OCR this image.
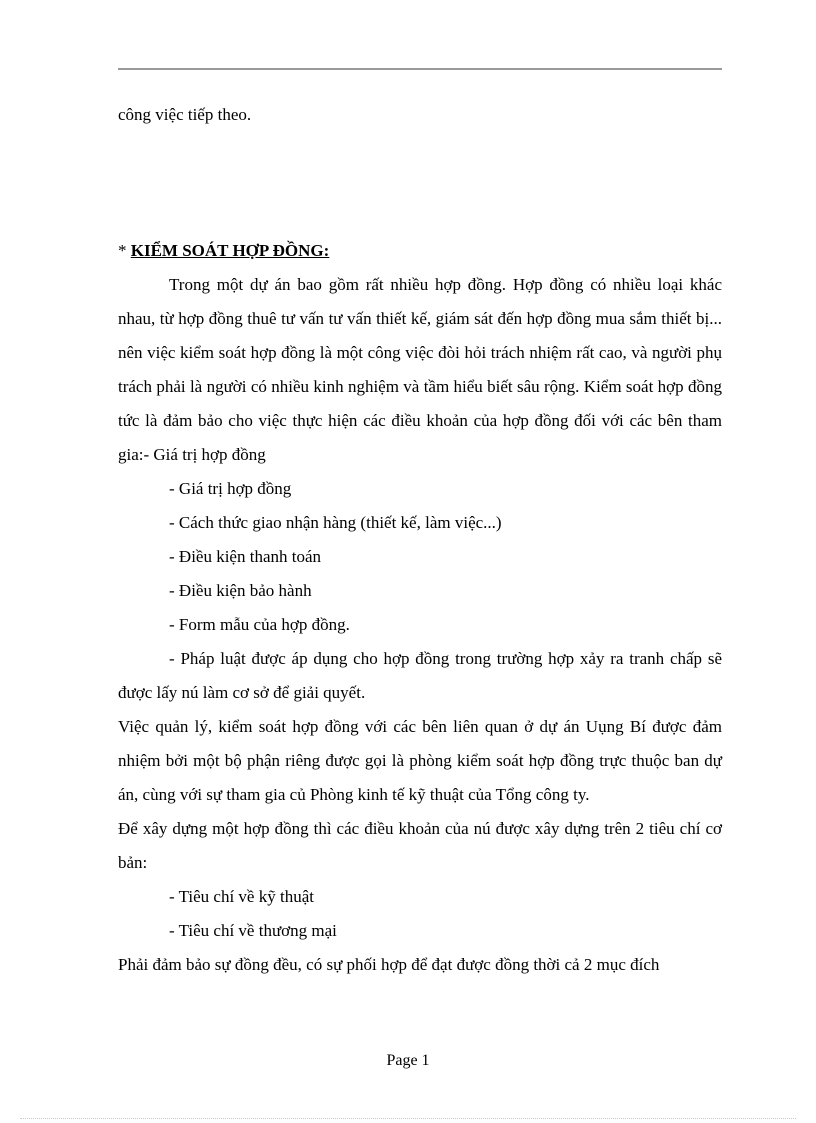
công việc tiếp theo.

* KIỂM SOÁT HỢP ĐỒNG:

Trong một dự án bao gồm rất nhiều hợp đồng. Hợp đồng có nhiều loại khác nhau, từ hợp đồng thuê tư vấn tư vấn thiết kế, giám sát đến hợp đồng mua sắm thiết bị... nên việc kiểm soát hợp đồng là một công việc đòi hỏi trách nhiệm rất cao, và người phụ trách phải là người có nhiều kinh nghiệm và tầm hiểu biết sâu rộng. Kiểm soát hợp đồng tức là đảm bảo cho việc thực hiện các điều khoản của hợp đồng đối với các bên tham gia:- Giá trị hợp đồng

- Giá trị hợp đồng

- Cách thức giao nhận hàng (thiết kế, làm việc...)

- Điều kiện thanh toán

- Điều kiện bảo hành

- Form mẫu của hợp đồng.

- Pháp luật được áp dụng cho hợp đồng trong trường hợp xảy ra tranh chấp sẽ được lấy nú làm cơ sở để giải quyết.

Việc quản lý, kiểm soát hợp đồng với các bên liên quan ở dự án Uụng Bí được đảm nhiệm bởi một bộ phận riêng được gọi là phòng kiểm soát hợp đồng trực thuộc ban dự án, cùng với sự tham gia củ Phòng kinh tế kỹ thuật của Tổng công ty.

Để xây dựng một hợp đồng thì các điều khoản của nú được xây dựng trên 2 tiêu chí cơ bản:

- Tiêu chí về kỹ thuật

- Tiêu chí về thương mại

Phải đảm bảo sự đồng đều, có sự phối hợp để đạt được đồng thời cả 2 mục đích

Page 1
